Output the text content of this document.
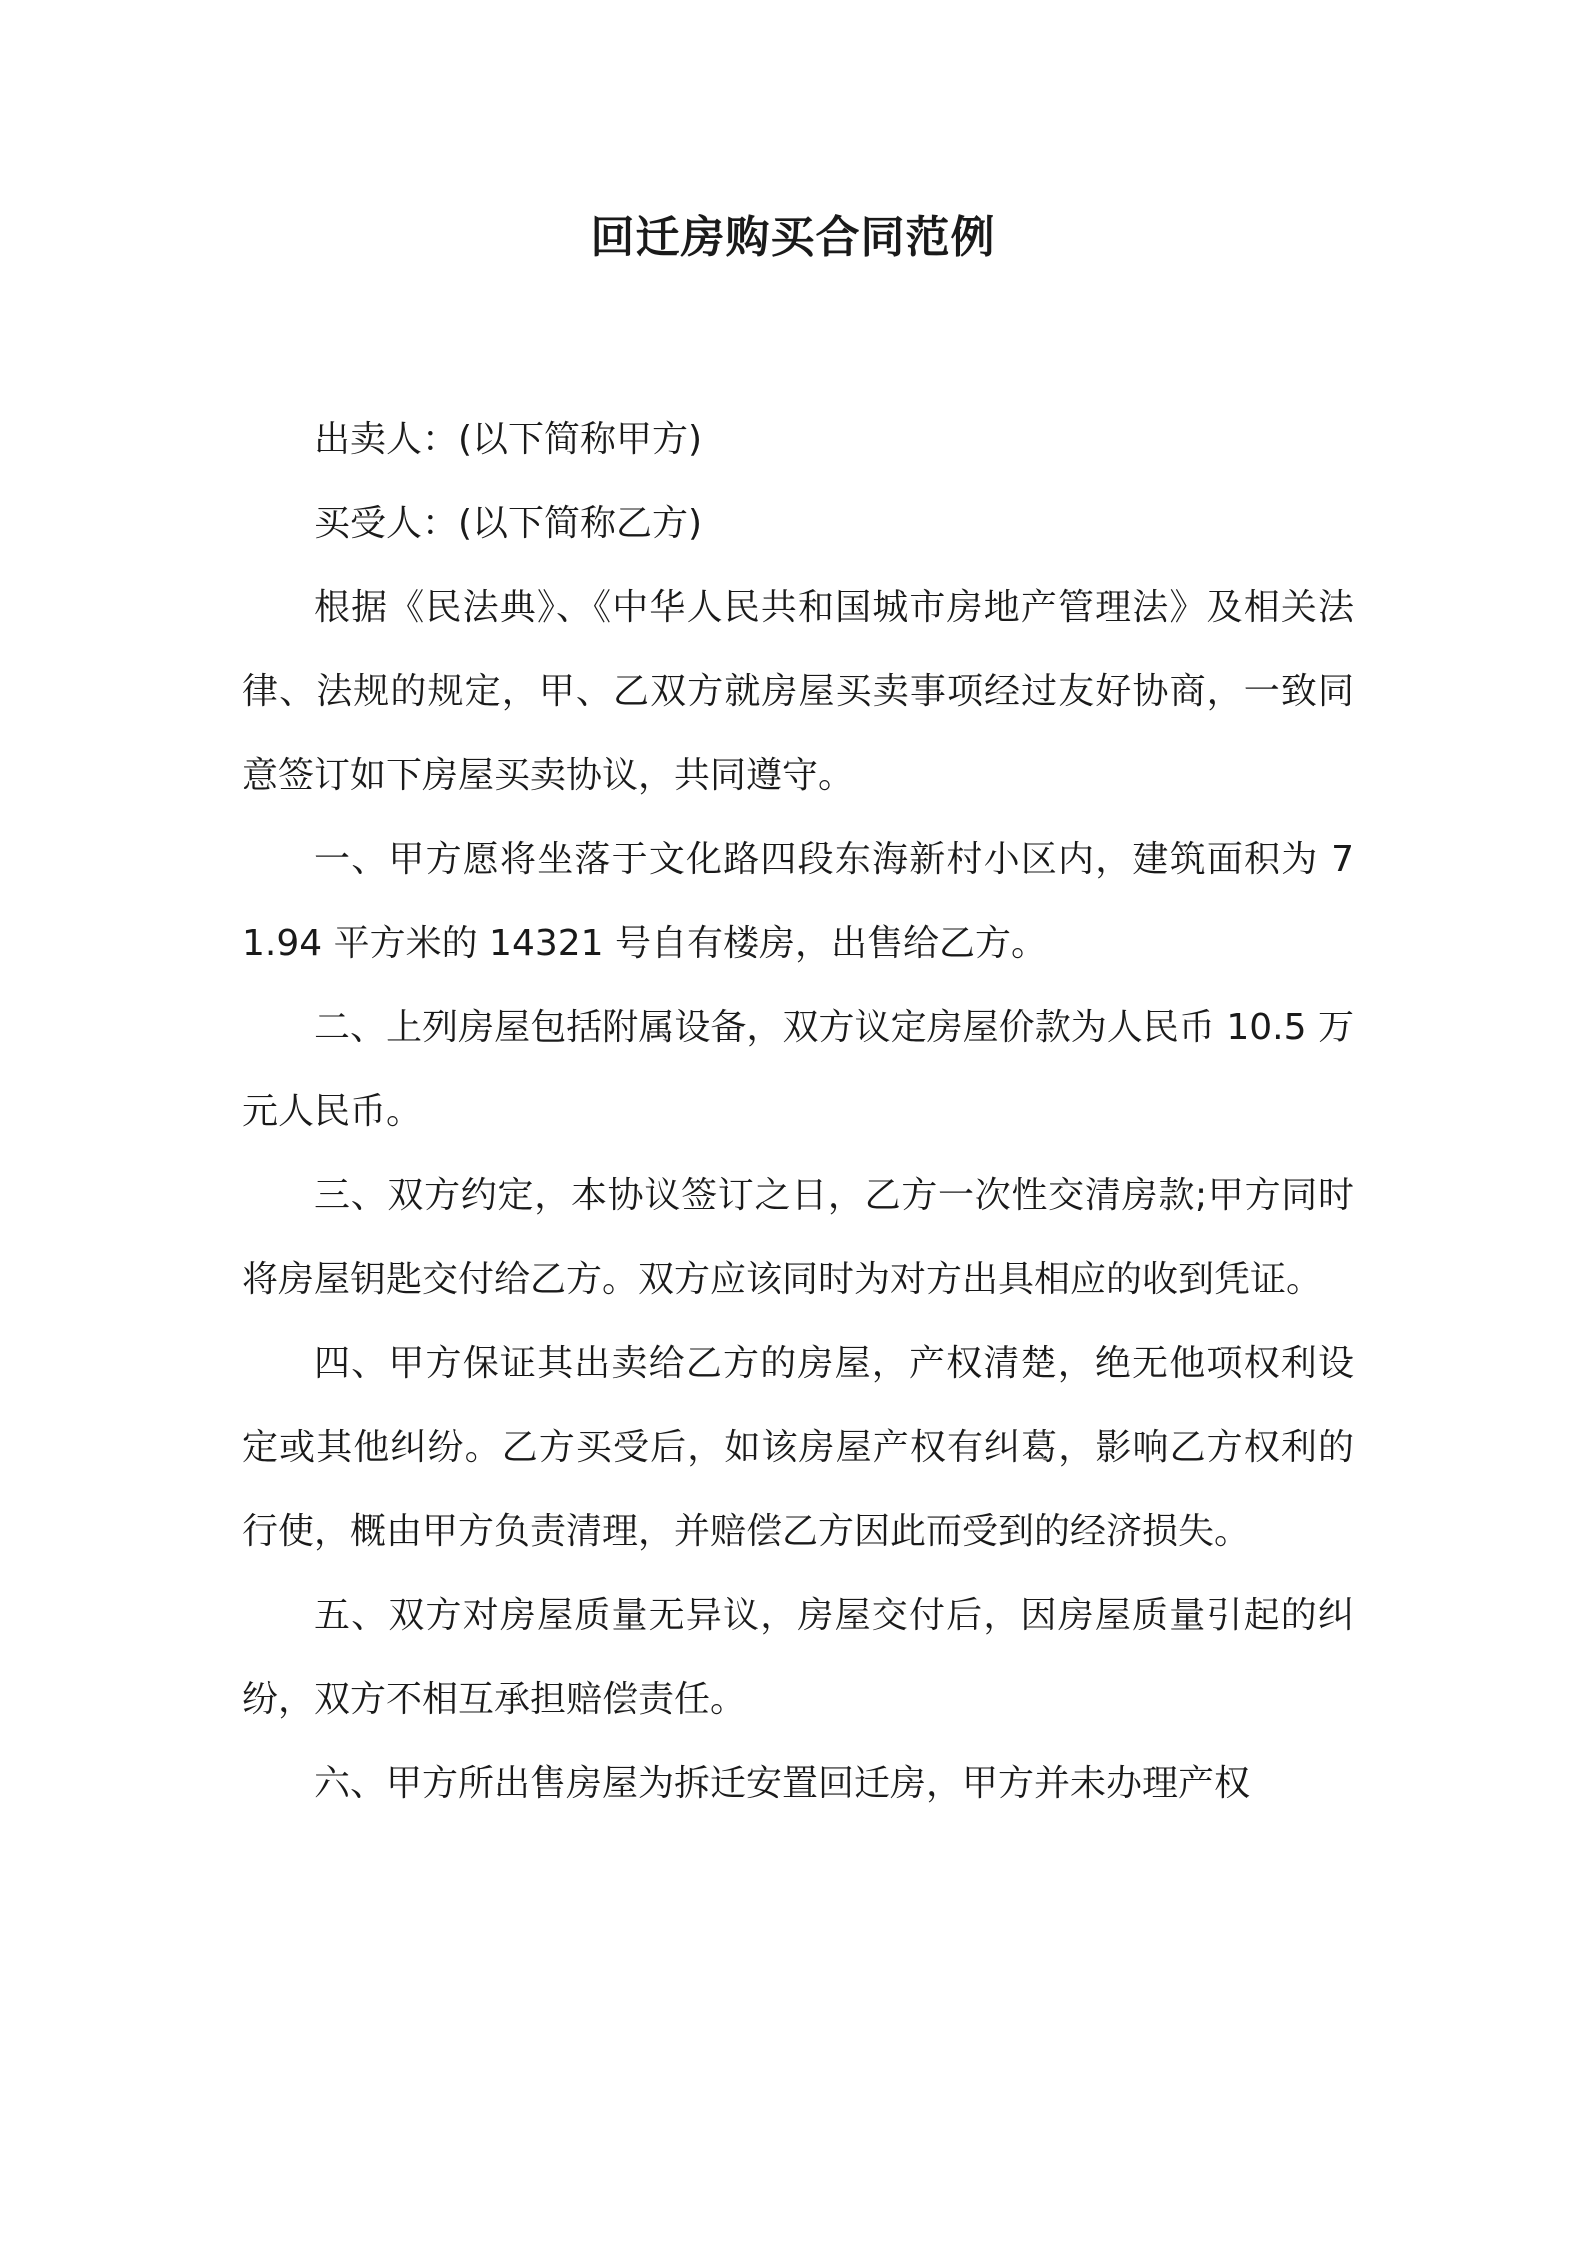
回迁房购买合同范例

出卖人：(以下简称甲方)

买受人：(以下简称乙方)

根据《民法典》、《中华人民共和国城市房地产管理法》及相关法律、法规的规定，甲、乙双方就房屋买卖事项经过友好协商，一致同意签订如下房屋买卖协议，共同遵守。

一、甲方愿将坐落于文化路四段东海新村小区内，建筑面积为 71.94 平方米的 14321 号自有楼房，出售给乙方。

二、上列房屋包括附属设备，双方议定房屋价款为人民币 10.5 万元人民币。

三、双方约定，本协议签订之日，乙方一次性交清房款;甲方同时将房屋钥匙交付给乙方。双方应该同时为对方出具相应的收到凭证。

四、甲方保证其出卖给乙方的房屋，产权清楚，绝无他项权利设定或其他纠纷。乙方买受后，如该房屋产权有纠葛，影响乙方权利的行使，概由甲方负责清理，并赔偿乙方因此而受到的经济损失。

五、双方对房屋质量无异议，房屋交付后，因房屋质量引起的纠纷，双方不相互承担赔偿责任。

六、甲方所出售房屋为拆迁安置回迁房，甲方并未办理产权
